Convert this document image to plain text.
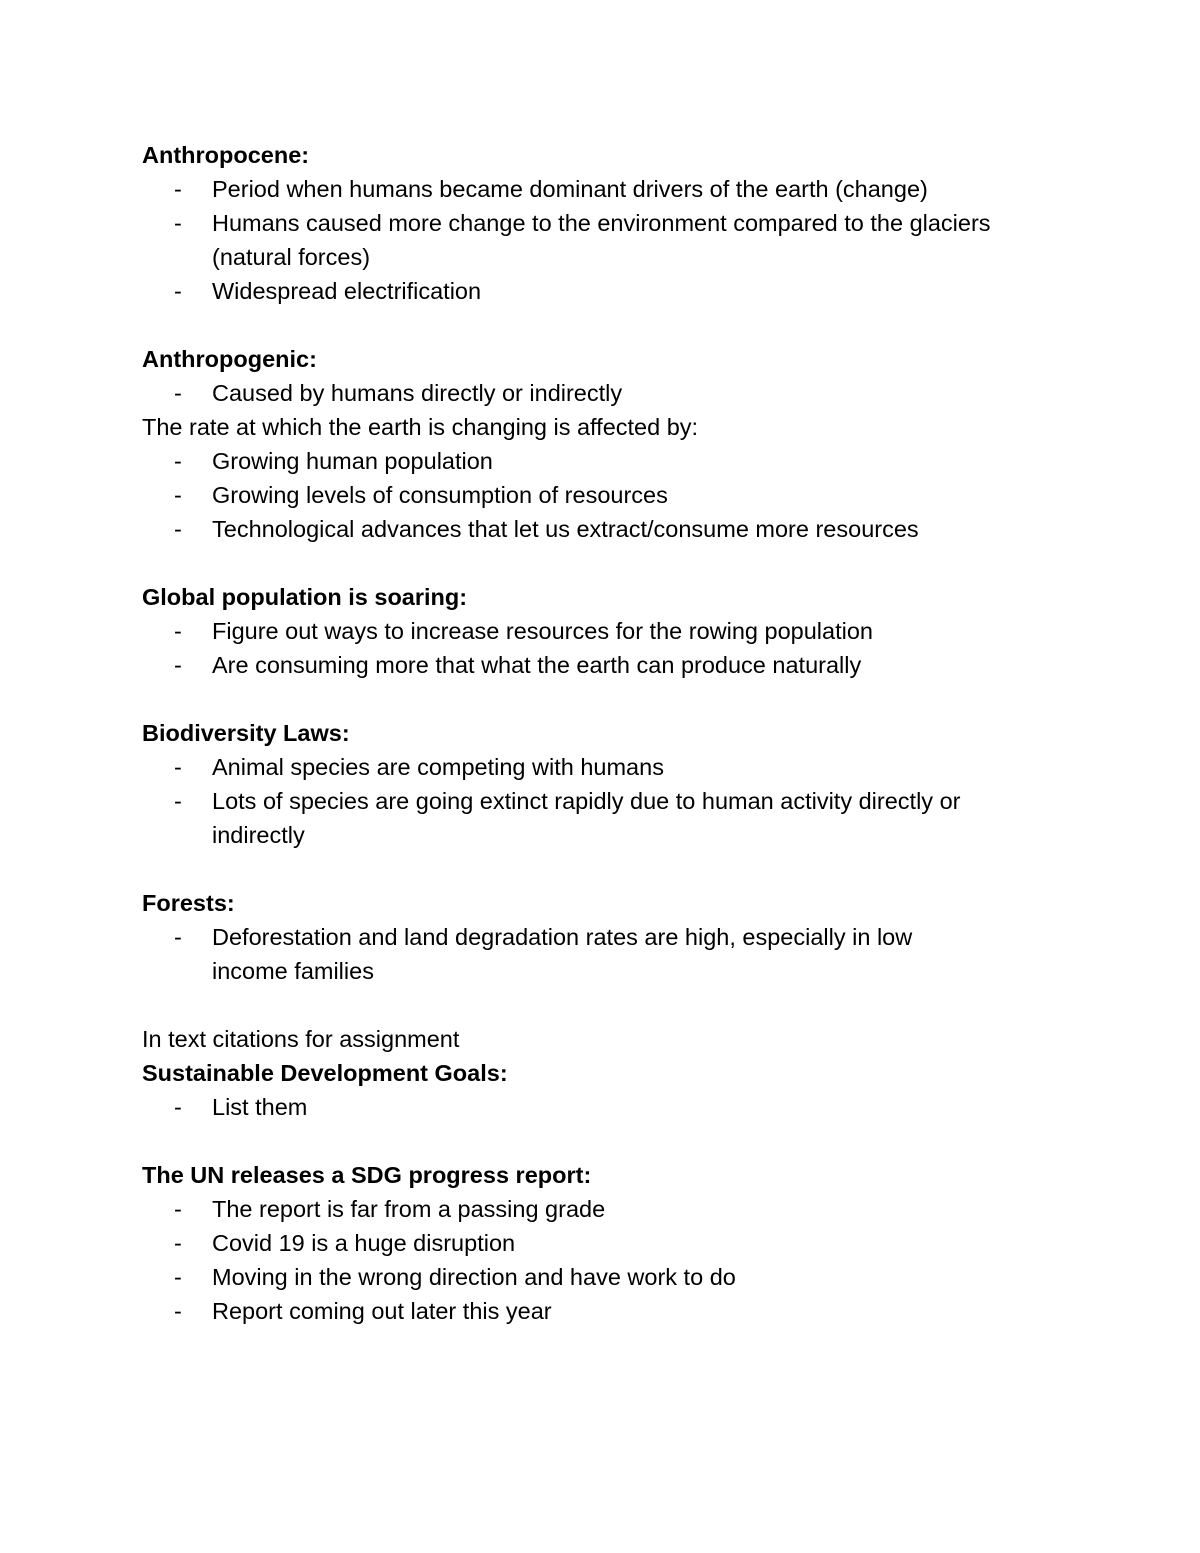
Anthropocene:

- Period when humans became dominant drivers of the earth (change)
- Humans caused more change to the environment compared to the glaciers (natural forces)
- Widespread electrification

Anthropogenic:

- Caused by humans directly or indirectly

The rate at which the earth is changing is affected by:

- Growing human population
- Growing levels of consumption of resources
- Technological advances that let us extract/consume more resources

Global population is soaring:

- Figure out ways to increase resources for the rowing population
- Are consuming more that what the earth can produce naturally

Biodiversity Laws:

- Animal species are competing with humans
- Lots of species are going extinct rapidly due to human activity directly or indirectly

Forests:

- Deforestation and land degradation rates are high, especially in low income families

In text citations for assignment

Sustainable Development Goals:

- List them

The UN releases a SDG progress report:

- The report is far from a passing grade
- Covid 19 is a huge disruption
- Moving in the wrong direction and have work to do
- Report coming out later this year
